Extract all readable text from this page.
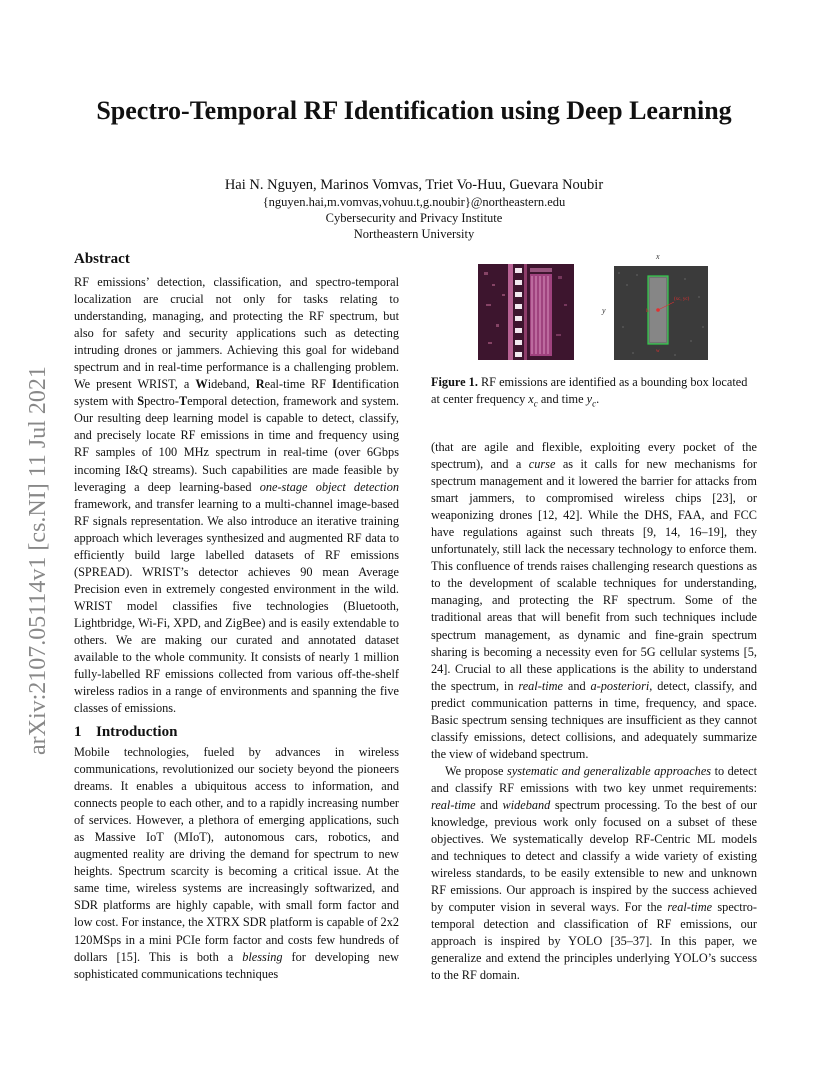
arXiv:2107.05114v1 [cs.NI] 11 Jul 2021
Spectro-Temporal RF Identification using Deep Learning
Hai N. Nguyen, Marinos Vomvas, Triet Vo-Huu, Guevara Noubir
{nguyen.hai,m.vomvas,vohuu.t,g.noubir}@northeastern.edu
Cybersecurity and Privacy Institute
Northeastern University
Abstract

RF emissions’ detection, classification, and spectro-temporal localization are crucial not only for tasks relating to understanding, managing, and protecting the RF spectrum, but also for safety and security applications such as detecting intruding drones or jammers. Achieving this goal for wideband spectrum and in real-time performance is a challenging problem. We present WRIST, a Wideband, Real-time RF Identification system with Spectro-Temporal detection, framework and system. Our resulting deep learning model is capable to detect, classify, and precisely locate RF emissions in time and frequency using RF samples of 100 MHz spectrum in real-time (over 6Gbps incoming I&Q streams). Such capabilities are made feasible by leveraging a deep learning-based one-stage object detection framework, and transfer learning to a multi-channel image-based RF signals representation. We also introduce an iterative training approach which leverages synthesized and augmented RF data to efficiently build large labelled datasets of RF emissions (SPREAD). WRIST’s detector achieves 90 mean Average Precision even in extremely congested environment in the wild. WRIST model classifies five technologies (Bluetooth, Lightbridge, Wi-Fi, XPD, and ZigBee) and is easily extendable to others. We are making our curated and annotated dataset available to the whole community. It consists of nearly 1 million fully-labelled RF emissions collected from various off-the-shelf wireless radios in a range of environments and spanning the five classes of emissions.

1 Introduction

Mobile technologies, fueled by advances in wireless communications, revolutionized our society beyond the pioneers dreams. It enables a ubiquitous access to information, and connects people to each other, and to a rapidly increasing number of services. However, a plethora of emerging applications, such as Massive IoT (MIoT), autonomous cars, robotics, and augmented reality are driving the demand for spectrum to new heights. Spectrum scarcity is becoming a critical issue. At the same time, wireless systems are increasingly softwarized, and SDR platforms are highly capable, with small form factor and low cost. For instance, the XTRX SDR platform is capable of 2x2 120MSps in a mini PCIe form factor and costs few hundreds of dollars [15]. This is both a blessing for developing new sophisticated communications techniques

x
y
(xc, yc)
h
w
Figure 1. RF emissions are identified as a bounding box located at center frequency $x_c$ and time $y_c$.

(that are agile and flexible, exploiting every pocket of the spectrum), and a curse as it calls for new mechanisms for spectrum management and it lowered the barrier for attacks from smart jammers, to compromised wireless chips [23], or weaponizing drones [12, 42]. While the DHS, FAA, and FCC have regulations against such threats [9, 14, 16–19], they unfortunately, still lack the necessary technology to enforce them. This confluence of trends raises challenging research questions as to the development of scalable techniques for understanding, managing, and protecting the RF spectrum. Some of the traditional areas that will benefit from such techniques include spectrum management, as dynamic and fine-grain spectrum sharing is becoming a necessity even for 5G cellular systems [5, 24]. Crucial to all these applications is the ability to understand the spectrum, in real-time and a-posteriori, detect, classify, and predict communication patterns in time, frequency, and space. Basic spectrum sensing techniques are insufficient as they cannot classify emissions, detect collisions, and adequately summarize the view of wideband spectrum.

We propose systematic and generalizable approaches to detect and classify RF emissions with two key unmet requirements: real-time and wideband spectrum processing. To the best of our knowledge, previous work only focused on a subset of these objectives. We systematically develop RF-Centric ML models and techniques to detect and classify a wide variety of existing wireless standards, to be easily extensible to new and unknown RF emissions. Our approach is inspired by the success achieved by computer vision in several ways. For the real-time spectro-temporal detection and classification of RF emissions, our approach is inspired by YOLO [35–37]. In this paper, we generalize and extend the principles underlying YOLO’s success to the RF domain.
